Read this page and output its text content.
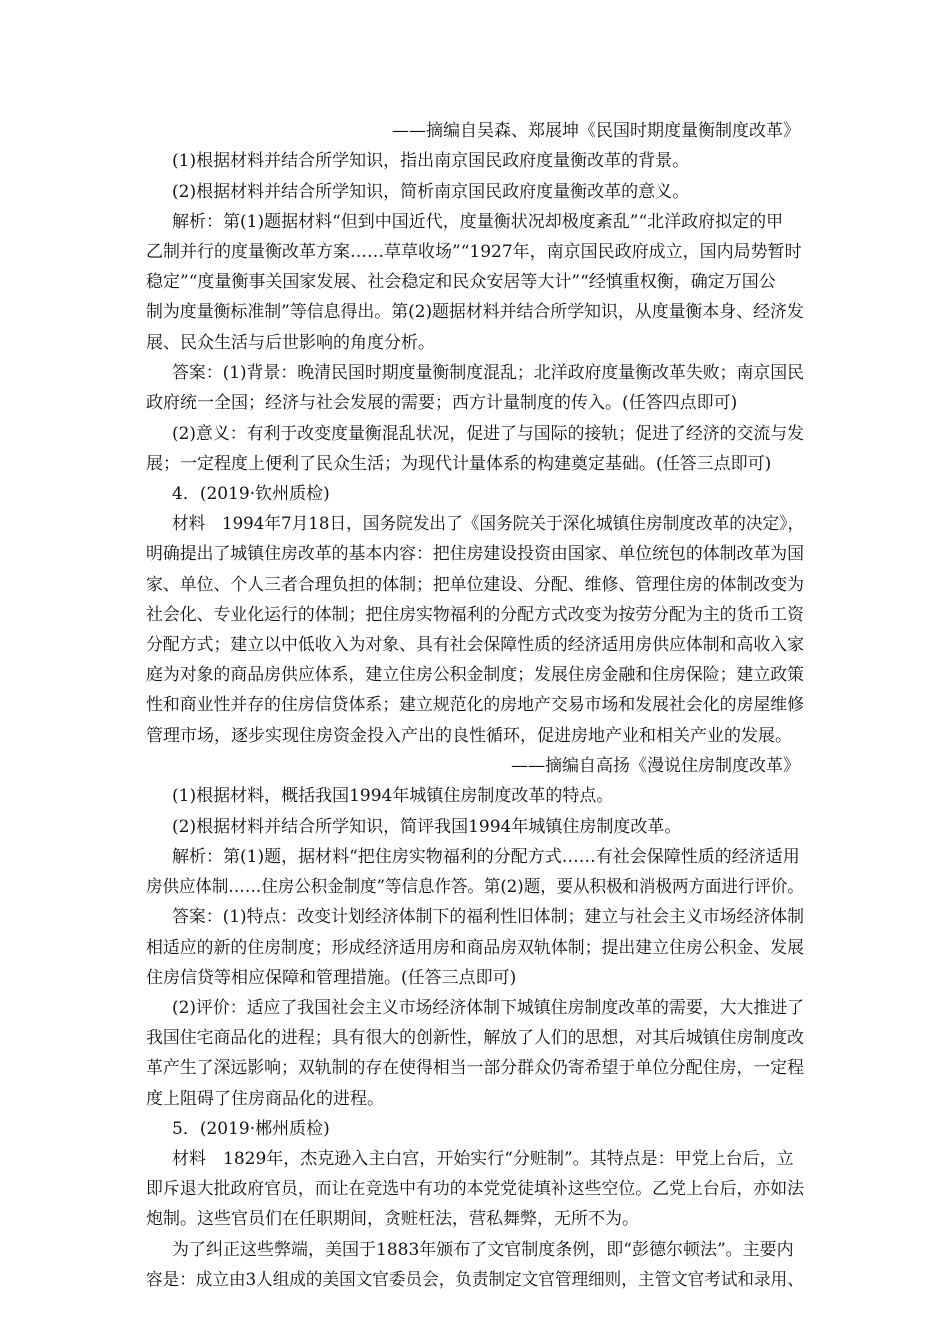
——摘编自吴森、郑展坤《民国时期度量衡制度改革》
(1)根据材料并结合所学知识，指出南京国民政府度量衡改革的背景。
(2)根据材料并结合所学知识，简析南京国民政府度量衡改革的意义。
解析：第(1)题据材料“但到中国近代，度量衡状况却极度紊乱”“北洋政府拟定的甲
乙制并行的度量衡改革方案……草草收场”“1927年，南京国民政府成立，国内局势暂时
稳定”“度量衡事关国家发展、社会稳定和民众安居等大计”“经慎重权衡，确定万国公
制为度量衡标准制”等信息得出。第(2)题据材料并结合所学知识，从度量衡本身、经济发
展、民众生活与后世影响的角度分析。
答案：(1)背景：晚清民国时期度量衡制度混乱；北洋政府度量衡改革失败；南京国民
政府统一全国；经济与社会发展的需要；西方计量制度的传入。(任答四点即可)
(2)意义：有利于改变度量衡混乱状况，促进了与国际的接轨；促进了经济的交流与发
展；一定程度上便利了民众生活；为现代计量体系的构建奠定基础。(任答三点即可)
4．(2019·钦州质检)
材料　1994年7月18日，国务院发出了《国务院关于深化城镇住房制度改革的决定》，
明确提出了城镇住房改革的基本内容：把住房建设投资由国家、单位统包的体制改革为国
家、单位、个人三者合理负担的体制；把单位建设、分配、维修、管理住房的体制改变为
社会化、专业化运行的体制；把住房实物福利的分配方式改变为按劳分配为主的货币工资
分配方式；建立以中低收入为对象、具有社会保障性质的经济适用房供应体制和高收入家
庭为对象的商品房供应体系，建立住房公积金制度；发展住房金融和住房保险；建立政策
性和商业性并存的住房信贷体系；建立规范化的房地产交易市场和发展社会化的房屋维修
管理市场，逐步实现住房资金投入产出的良性循环，促进房地产业和相关产业的发展。
——摘编自高扬《漫说住房制度改革》
(1)根据材料，概括我国1994年城镇住房制度改革的特点。
(2)根据材料并结合所学知识，简评我国1994年城镇住房制度改革。
解析：第(1)题，据材料“把住房实物福利的分配方式……有社会保障性质的经济适用
房供应体制……住房公积金制度”等信息作答。第(2)题，要从积极和消极两方面进行评价。
答案：(1)特点：改变计划经济体制下的福利性旧体制；建立与社会主义市场经济体制
相适应的新的住房制度；形成经济适用房和商品房双轨体制；提出建立住房公积金、发展
住房信贷等相应保障和管理措施。(任答三点即可)
(2)评价：适应了我国社会主义市场经济体制下城镇住房制度改革的需要，大大推进了
我国住宅商品化的进程；具有很大的创新性，解放了人们的思想，对其后城镇住房制度改
革产生了深远影响；双轨制的存在使得相当一部分群众仍寄希望于单位分配住房，一定程
度上阻碍了住房商品化的进程。
5．(2019·郴州质检)
材料　1829年，杰克逊入主白宫，开始实行“分赃制”。其特点是：甲党上台后，立
即斥退大批政府官员，而让在竞选中有功的本党党徒填补这些空位。乙党上台后，亦如法
炮制。这些官员们在任职期间，贪赃枉法，营私舞弊，无所不为。
为了纠正这些弊端，美国于1883年颁布了文官制度条例，即“彭德尔顿法”。主要内
容是：成立由3人组成的美国文官委员会，负责制定文官管理细则，主管文官考试和录用、
